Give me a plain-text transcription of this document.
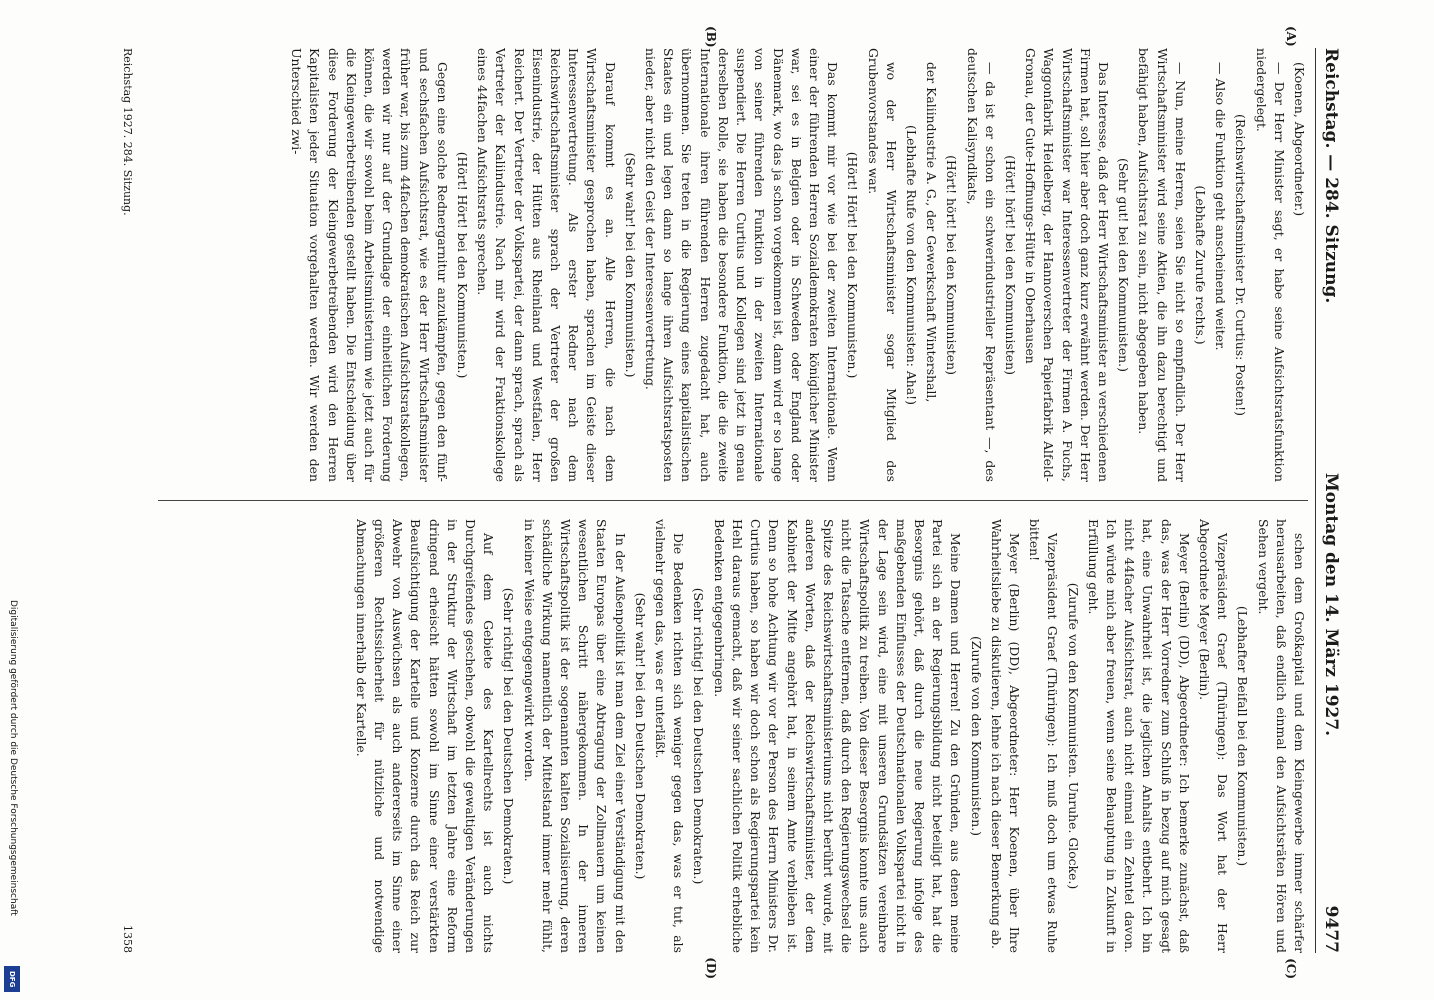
Reichstag. — 284. Sitzung.
Montag den 14. März 1927.
9477

(Koenen, Abgeordneter.)

— Der Herr Minister sagt, er habe seine Aufsichtsratsfunktion niedergelegt.

(Reichswirtschaftsminister Dr. Curtius: Posten!)

— Also die Funktion geht anscheinend weiter.

(Lebhafte Zurufe rechts.)

— Nun, meine Herren, seien Sie nicht so empfindlich. Der Herr Wirtschaftsminister wird seine Aktien, die ihn dazu berechtigt und befähigt haben, Aufsichtsrat zu sein, nicht abgegeben haben.

(Sehr gut! bei den Kommunisten.)

Das Interesse, daß der Herr Wirtschaftsminister an verschiedenen Firmen hat, soll hier aber doch ganz kurz erwähnt werden. Der Herr Wirtschaftsminister war Interessenvertreter der Firmen A. Fuchs, Waggonfabrik Heidelberg, der Hannoverschen Papierfabrik Alfeld-Gronau, der Gute-Hoffnungs-Hütte in Oberhausen

(Hört! hört! bei den Kommunisten)

— da ist er schon ein schwerindustrieller Repräsentant —, des deutschen Kalisyndikats,

(Hört! hört! bei den Kommunisten)

der Kaliindustrie A. G., der Gewerkschaft Wintershall,

(Lebhafte Rufe von den Kommunisten: Aha!)

wo der Herr Wirtschaftsminister sogar Mitglied des Grubenvorstandes war.

(Hört! Hört! bei den Kommunisten.)

Das kommt mir vor wie bei der zweiten Internationale. Wenn einer der führenden Herren Sozialdemokraten königlicher Minister war, sei es in Belgien oder in Schweden oder England oder Dänemark, wo das ja schon vorgekommen ist, dann wird er so lange von seiner führenden Funktion in der zweiten Internationale suspendiert. Die Herren Curtius und Kollegen sind jetzt in genau derselben Rolle, sie haben die besondere Funktion, die die zweite Internationale ihren führenden Herren zugedacht hat, auch übernommen. Sie treten in die Regierung eines kapitalistischen Staates ein und legen dann so lange ihren Aufsichtsratsposten nieder, aber nicht den Geist der Interessenvertretung.

(Sehr wahr! bei den Kommunisten.)

Darauf kommt es an. Alle Herren, die nach dem Wirtschaftsminister gesprochen haben, sprachen im Geiste dieser Interessenvertretung. Als erster Redner nach dem Reichswirtschaftsminister sprach der Vertreter der großen Eisenindustrie, der Hütten aus Rheinland und Westfalen, Herr Reichert. Der Vertreter der Volkspartei, der dann sprach, sprach als Vertreter der Kaliindustrie. Nach mir wird der Fraktionskollege eines 44fachen Aufsichtsrats sprechen.

(Hört! Hört! bei den Kommunisten.)

Gegen eine solche Rednergarnitur anzukämpfen, gegen den fünf- und sechsfachen Aufsichtsrat, wie es der Herr Wirtschaftsminister früher war, bis zum 44fachen demokratischen Aufsichtsratskollegen, werden wir nur auf der Grundlage der einheitlichen Forderung können, die wir sowohl beim Arbeitsministerium wie jetzt auch für die Kleingewerbetreibenden gestellt haben. Die Entscheidung über diese Forderung der Kleingewerbetreibenden wird den Herren Kapitalisten jeder Situation vorgehalten werden. Wir werden den Unterschied zwi-

schen dem Großkapital und dem Kleingewerbe immer schärfer herausarbeiten, daß endlich einmal den Aufsichtsräten Hören und Sehen vergeht.

(Lebhafter Beifall bei den Kommunisten.)

Vizepräsident Graef (Thüringen): Das Wort hat der Herr Abgeordnete Meyer (Berlin).

Meyer (Berlin) (DD), Abgeordneter: Ich bemerke zunächst, daß das, was der Herr Vorredner zum Schluß in bezug auf mich gesagt hat, eine Unwahrheit ist, die jeglichen Anhalts entbehrt. Ich bin nicht 44facher Aufsichtsrat, auch nicht einmal ein Zehntel davon. Ich würde mich aber freuen, wenn seine Behauptung in Zukunft in Erfüllung geht.

(Zurufe von den Kommunisten. Unruhe. Glocke.)

Vizepräsident Graef (Thüringen): Ich muß doch um etwas Ruhe bitten!

Meyer (Berlin) (DD), Abgeordneter: Herr Koenen, über Ihre Wahrheitsliebe zu diskutieren, lehne ich nach dieser Bemerkung ab.

(Zurufe von den Kommunisten.)

Meine Damen und Herren! Zu den Gründen, aus denen meine Partei sich an der Regierungsbildung nicht beteiligt hat, hat die Besorgnis gehört, daß durch die neue Regierung infolge des maßgebenden Einflusses der Deutschnationalen Volkspartei nicht in der Lage sein wird, eine mit unseren Grundsätzen vereinbare Wirtschaftspolitik zu treiben. Von dieser Besorgnis konnte uns auch nicht die Tatsache entfernen, daß durch den Regierungswechsel die Spitze des Reichswirtschaftsministeriums nicht berührt wurde, mit anderen Worten, daß der Reichswirtschaftsminister, der dem Kabinett der Mitte angehört hat, in seinem Amte verblieben ist. Denn so hohe Achtung wir vor der Person des Herrn Ministers Dr. Curtius haben, so haben wir doch schon als Regierungspartei kein Hehl daraus gemacht, daß wir seiner sachlichen Politik erhebliche Bedenken entgegenbringen.

(Sehr richtig! bei den Deutschen Demokraten.)

Die Bedenken richten sich weniger gegen das, was er tut, als vielmehr gegen das, was er unterläßt.

(Sehr wahr! bei den Deutschen Demokraten.)

In der Außenpolitik ist man dem Ziel einer Verständigung mit den Staaten Europas über eine Abtragung der Zollmauern um keinen wesentlichen Schritt nähergekommen. In der inneren Wirtschaftspolitik ist der sogenannten kalten Sozialisierung, deren schädliche Wirkung namentlich der Mittelstand immer mehr fühlt, in keiner Weise entgegengewirkt worden.

(Sehr richtig! bei den Deutschen Demokraten.)

Auf dem Gebiete des Kartellrechts ist auch nichts Durchgreifendes geschehen, obwohl die gewaltigen Veränderungen in der Struktur der Wirtschaft im letzten Jahre eine Reform dringend erheischt hätten sowohl im Sinne einer verstärkten Beaufsichtigung der Kartelle und Konzerne durch das Reich zur Abwehr von Auswüchsen als auch andererseits im Sinne einer größeren Rechtssicherheit für nützliche und notwendige Abmachungen innerhalb der Kartelle.

(A)
(B)
(C)
(D)
Reichstag 1927. 284. Sitzung.
1358
Digitalisierung gefördert durch die Deutsche Forschungsgemeinschaft
DFG
